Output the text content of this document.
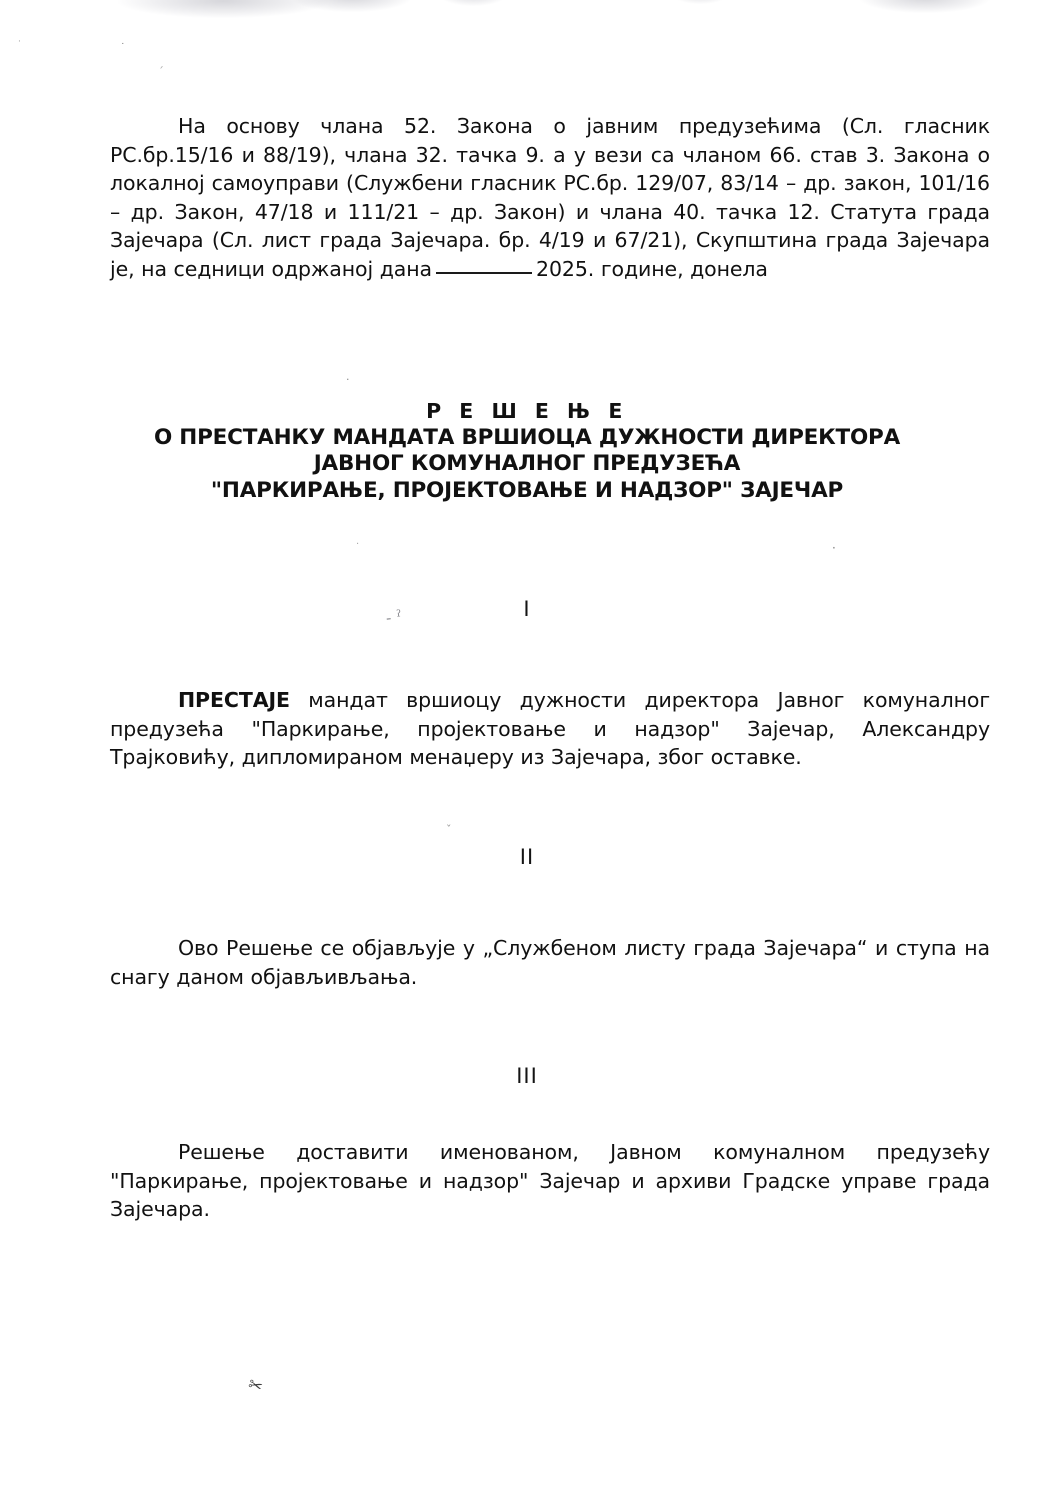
·	˙
ˊ
·
·
·	·
ˇ
На основу члана 52. Закона о јавним предузећима (Сл. гласник РС.бр.15/16 и 88/19), члана 32. тачка 9. а у вези са чланом 66. став 3. Закона о локалној самоуправи (Службени гласник РС.бр. 129/07, 83/14 – др. закон, 101/16 – др. Закон, 47/18 и 111/21 – др. Закон) и члана 40. тачка 12. Статута града Зајечара (Сл. лист града Зајечара. бр. 4/19 и 67/21), Скупштина града Зајечара је, на седници одржаној дана	2025. године, донела
Р Е Ш Е Њ Е
О ПРЕСТАНКУ МАНДАТА ВРШИОЦА ДУЖНОСТИ ДИРЕКТОРА
ЈАВНОГ КОМУНАЛНОГ ПРЕДУЗЕЋА
"ПАРКИРАЊЕ, ПРОЈЕКТОВАЊЕ И НАДЗОР" ЗАЈЕЧАР
I
˗ ˀ
ПРЕСТАЈЕ мандат вршиоцу дужности директора Јавног комуналног предузећа "Паркирање, пројектовање и надзор" Зајечар, Александру Трајковићу, дипломираном менаџеру из Зајечара, због оставке.
II
Ово Решење се објављује у „Службеном листу града Зајечара“ и ступа на снагу даном објављивљања.
III
Решење доставити именованом, Јавном комуналном предузећу "Паркирање, пројектовање и надзор" Зајечар и архиви Градске управе града Зајечара.
✂
